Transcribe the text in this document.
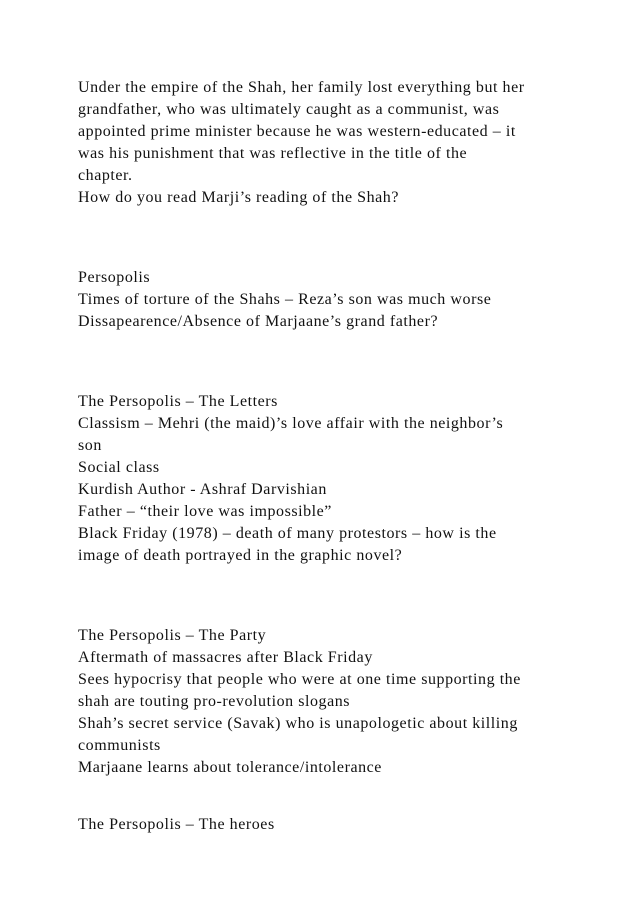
Under the empire of the Shah, her family lost everything but her
grandfather, who was ultimately caught as a communist, was
appointed prime minister because he was western-educated – it
was his punishment that was reflective in the title of the
chapter.
How do you read Marji’s reading of the Shah?
Persopolis
Times of torture of the Shahs – Reza’s son was much worse
Dissapearence/Absence of Marjaane’s grand father?
The Persopolis – The Letters
Classism – Mehri (the maid)’s love affair with the neighbor’s
son
Social class
Kurdish Author - Ashraf Darvishian
Father – “their love was impossible”
Black Friday (1978) – death of many protestors – how is the
image of death portrayed in the graphic novel?
The Persopolis – The Party
Aftermath of massacres after Black Friday
Sees hypocrisy that people who were at one time supporting the
shah are touting pro-revolution slogans
Shah’s secret service (Savak) who is unapologetic about killing
communists
Marjaane learns about tolerance/intolerance
The Persopolis – The heroes
